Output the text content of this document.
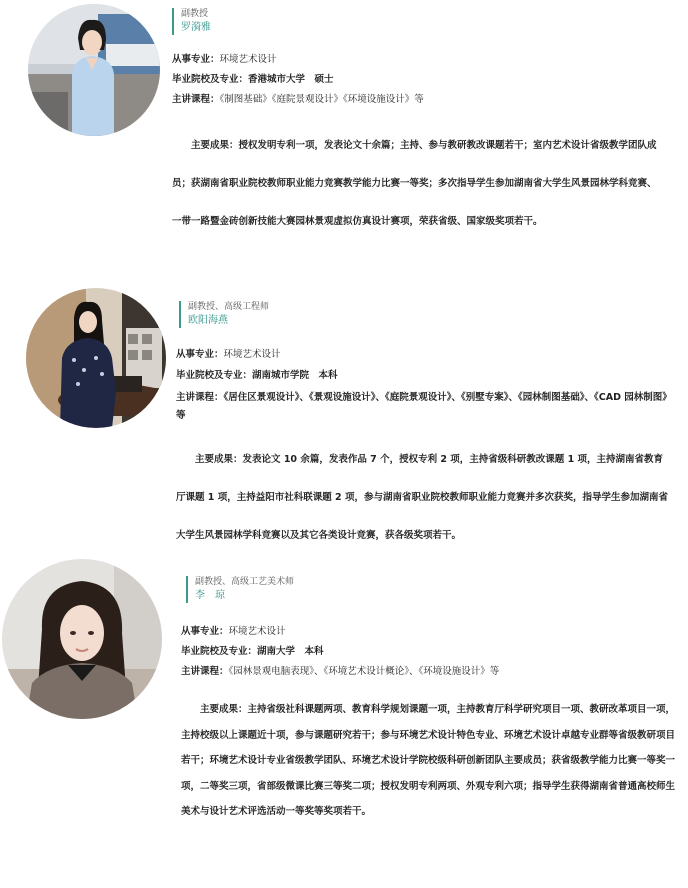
副教授
罗漪雅
从事专业：环境艺术设计
毕业院校及专业：香港城市大学　硕士
主讲课程：《制图基础》《庭院景观设计》《环境设施设计》等

主要成果：授权发明专利一项，发表论文十余篇；主持、参与教研教改课题若干；室内艺术设计省级教学团队成员；获湖南省职业院校教师职业能力竞赛教学能力比赛一等奖；多次指导学生参加湖南省大学生风景园林学科竞赛、一带一路暨金砖创新技能大赛园林景观虚拟仿真设计赛项，荣获省级、国家级奖项若干。

副教授、高级工程师
欧阳海燕
从事专业：环境艺术设计
毕业院校及专业：湖南城市学院　本科
主讲课程：《居住区景观设计》、《景观设施设计》、《庭院景观设计》、《别墅专案》、《园林制图基础》、《CAD 园林制图》等

主要成果：发表论文 10 余篇，发表作品 7 个，授权专利 2 项，主持省级科研教改课题 1 项，主持湖南省教育厅课题 1 项，主持益阳市社科联课题 2 项，参与湖南省职业院校教师职业能力竞赛并多次获奖，指导学生参加湖南省大学生风景园林学科竞赛以及其它各类设计竞赛，获各级奖项若干。

副教授、高级工艺美术师
李　琼
从事专业：环境艺术设计
毕业院校及专业：湖南大学　本科
主讲课程：《园林景观电脑表现》、《环境艺术设计概论》、《环境设施设计》等

主要成果：主持省级社科课题两项、教育科学规划课题一项，主持教育厅科学研究项目一项、教研改革项目一项，主持校级以上课题近十项，参与课题研究若干；参与环境艺术设计特色专业、环境艺术设计卓越专业群等省级教研项目若干；环境艺术设计专业省级教学团队、环境艺术设计学院校级科研创新团队主要成员；获省级教学能力比赛一等奖一项，二等奖三项，省部级微课比赛三等奖二项；授权发明专利两项、外观专利六项；指导学生获得湖南省普通高校师生美术与设计艺术评选活动一等奖等奖项若干。
